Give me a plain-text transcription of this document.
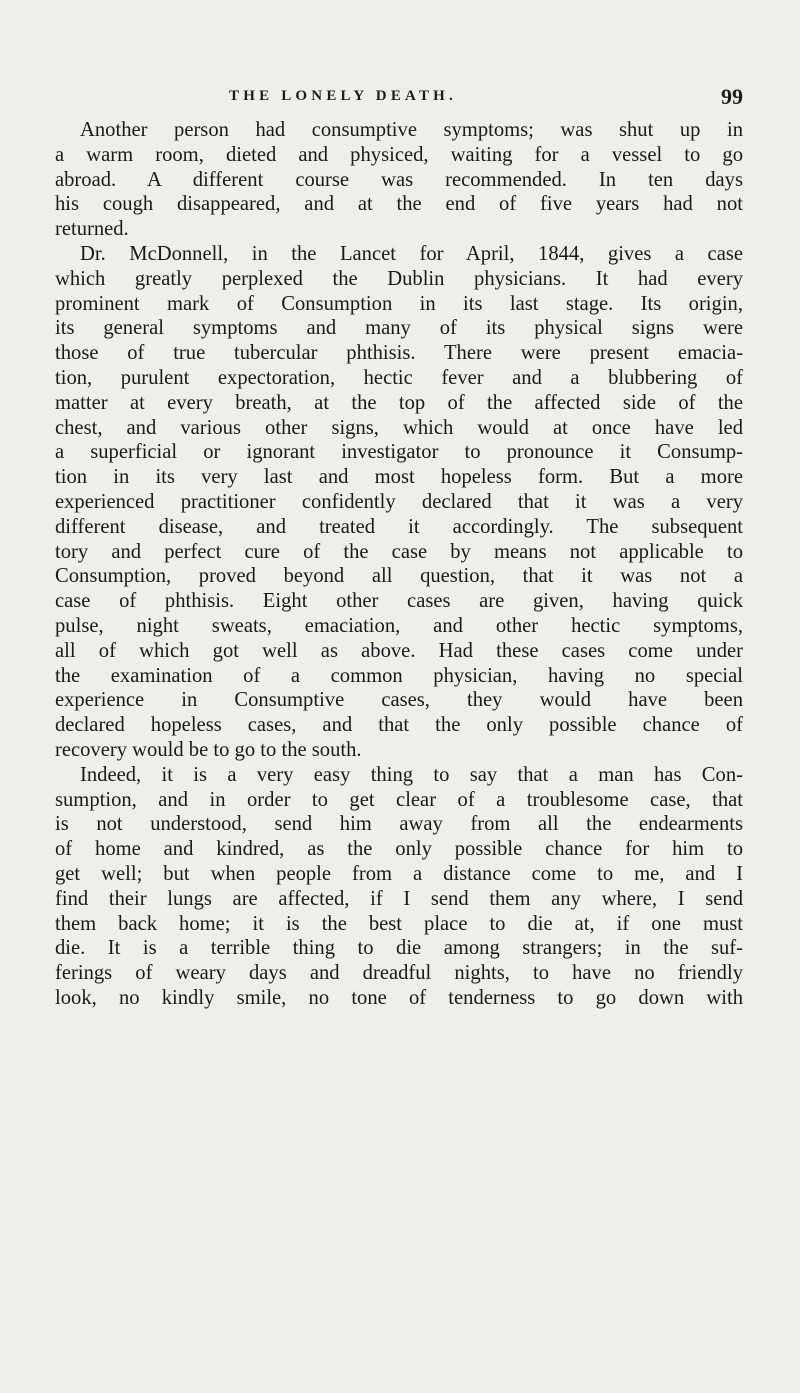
THE LONELY DEATH.	99
Another person had consumptive symptoms; was shut up in
a warm room, dieted and physiced, waiting for a vessel to go
abroad. A different course was recommended. In ten days
his cough disappeared, and at the end of five years had not
returned.
Dr. McDonnell, in the Lancet for April, 1844, gives a case
which greatly perplexed the Dublin physicians. It had every
prominent mark of Consumption in its last stage. Its origin,
its general symptoms and many of its physical signs were
those of true tubercular phthisis. There were present emacia-
tion, purulent expectoration, hectic fever and a blubbering of
matter at every breath, at the top of the affected side of the
chest, and various other signs, which would at once have led
a superficial or ignorant investigator to pronounce it Consump-
tion in its very last and most hopeless form. But a more
experienced practitioner confidently declared that it was a very
different disease, and treated it accordingly. The subsequent
tory and perfect cure of the case by means not applicable to
Consumption, proved beyond all question, that it was not a
case of phthisis. Eight other cases are given, having quick
pulse, night sweats, emaciation, and other hectic symptoms,
all of which got well as above. Had these cases come under
the examination of a common physician, having no special
experience in Consumptive cases, they would have been
declared hopeless cases, and that the only possible chance of
recovery would be to go to the south.
Indeed, it is a very easy thing to say that a man has Con-
sumption, and in order to get clear of a troublesome case, that
is not understood, send him away from all the endearments
of home and kindred, as the only possible chance for him to
get well; but when people from a distance come to me, and I
find their lungs are affected, if I send them any where, I send
them back home; it is the best place to die at, if one must
die. It is a terrible thing to die among strangers; in the suf-
ferings of weary days and dreadful nights, to have no friendly
look, no kindly smile, no tone of tenderness to go down with
